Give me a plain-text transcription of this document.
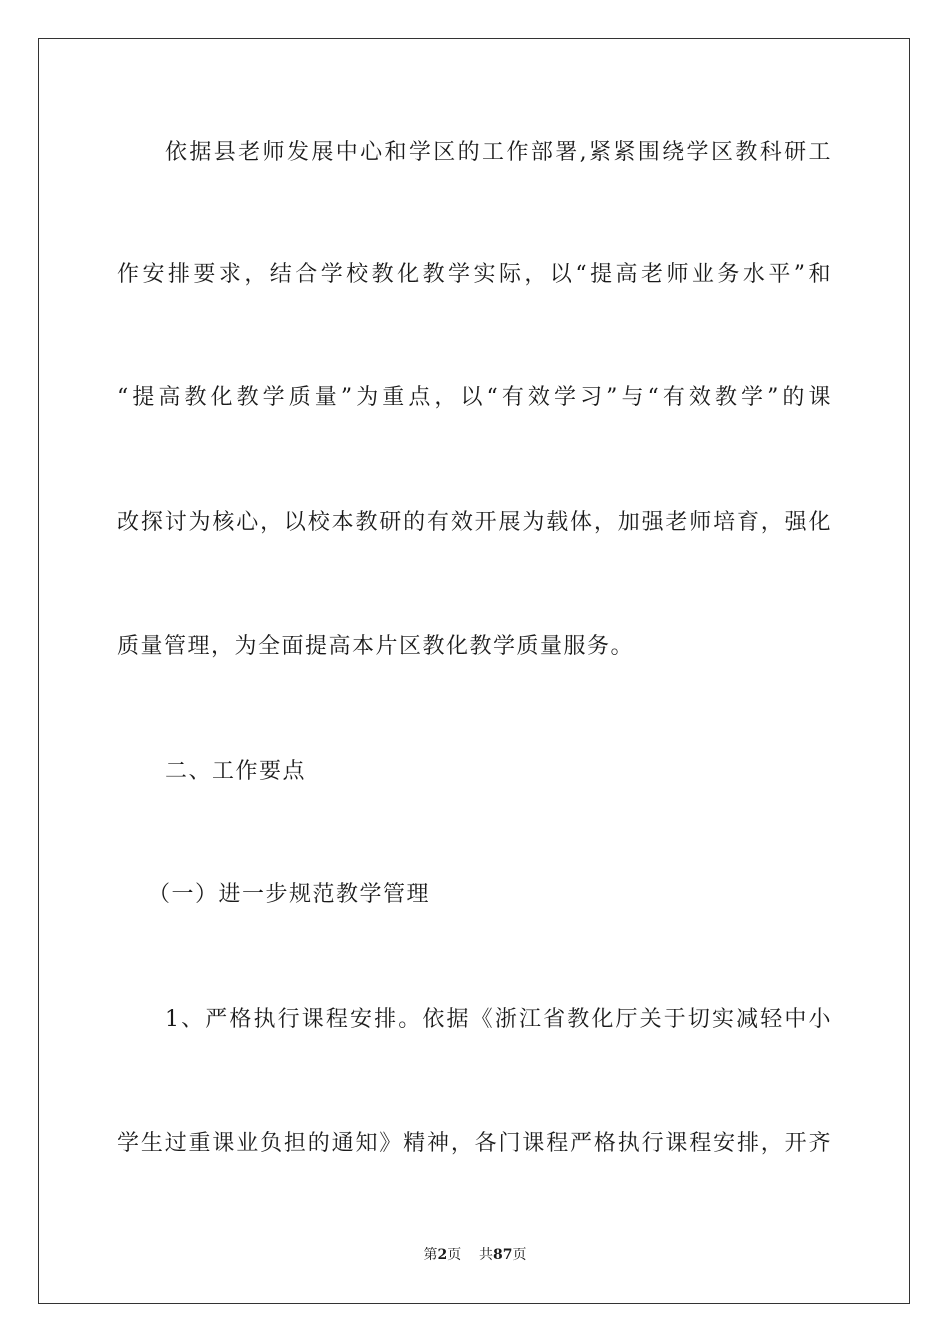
依据县老师发展中心和学区的工作部署,紧紧围绕学区教科研工
作安排要求，结合学校教化教学实际，以“提高老师业务水平”和
“提高教化教学质量”为重点，以“有效学习”与“有效教学”的课
改探讨为核心，以校本教研的有效开展为载体，加强老师培育，强化
质量管理，为全面提高本片区教化教学质量服务。
二、工作要点
（一）进一步规范教学管理
1、严格执行课程安排。依据《浙江省教化厅关于切实减轻中小
学生过重课业负担的通知》精神，各门课程严格执行课程安排，开齐
第2页 共87页
